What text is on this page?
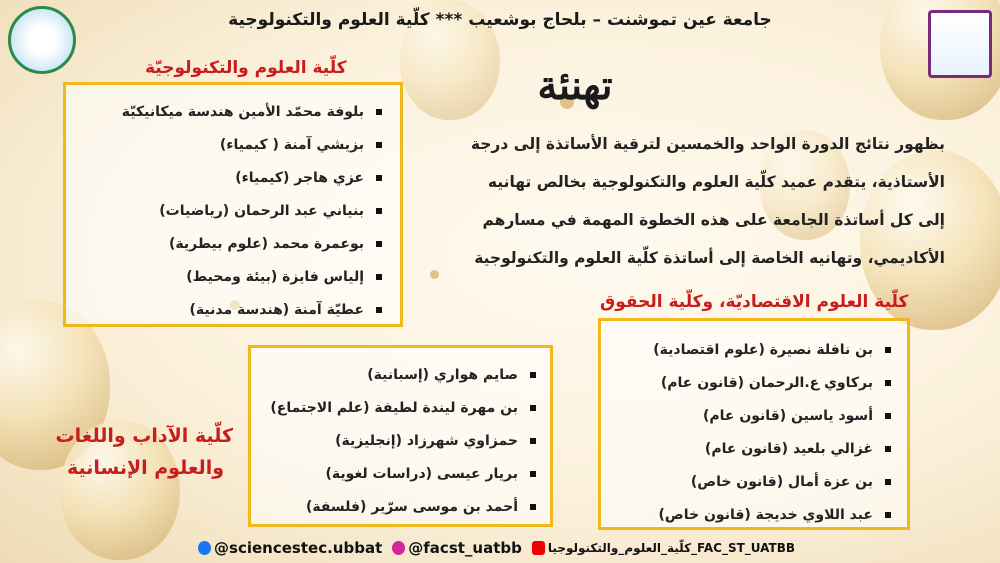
جامعة عين تموشنت – بلحاج بوشعيب *** كلّية العلوم والتكنولوجية
تهنئة
بظهور نتائج الدورة الواحد والخمسين لترقية الأساتذة إلى درجة
الأستاذية، يتقدم عميد كلّية العلوم والتكنولوجية بخالص تهانيه
إلى كل أساتذة الجامعة على هذه الخطوة المهمة في مسارهم
الأكاديمي، وتهانيه الخاصة إلى أساتذة كلّية العلوم والتكنولوجية
كلّية العلوم والتكنولوجيّة
بلوفة محمّد الأمين هندسة ميكانيكيّة
بزيشي آمنة ( كيمياء)
عزي هاجر (كيمياء)
بنياني عبد الرحمان (رياضيات)
بوعمرة محمد (علوم بيطرية)
إلياس فايزة (بيئة ومحيط)
عطيّة آمنة (هندسة مدنية)	كلّية العلوم الاقتصاديّة، وكلّية الحقوق
بن نافلة نصيرة (علوم اقتصادية)
بركاوي ع.الرحمان (قانون عام)
أسود ياسين (قانون عام)
غزالي بلعيد (قانون عام)
بن عزة أمال (قانون خاص)
عبد اللاوي خديجة (قانون خاص)
صايم هواري (إسبانية)
بن مهرة ليندة لطيفة (علم الاجتماع)
حمزاوي شهرزاد (إنجليزية)
بريار عيسى (دراسات لغوية)
أحمد بن موسى سرّير (فلسفة)
كلّية الآداب واللغات
والعلوم الإنسانية
@sciencestec.ubbat @facst_uatbb كلّية_العلوم_والتكنولوجيا_FAC_ST_UATBB
